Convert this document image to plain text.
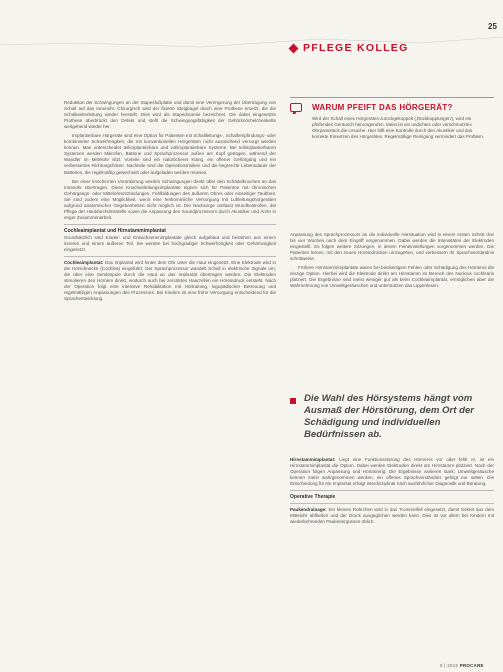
25
PFLEGE KOLLEG

Reduktion der Schwingungen an der Stapesfußplatte und damit eine Verringerung der Übertragung von Schall auf das Innenohr. Chirurgisch wird der fixierte Steigbügel durch eine Prothese ersetzt, die die Schallweiterleitung wieder herstellt. Dies wird als Stapedotomie bezeichnet. Die dabei eingesetzte Prothese überbrückt den Defekt und stellt die Schwingungsfähigkeit der Gehörknöchelchenkette weitgehend wieder her.

Implantierbare Hörgeräte sind eine Option für Patienten mit Schallleitungs-, Schallempfindungs- oder kombinierter Schwerhörigkeit, die mit konventionellen Hörgeräten nicht ausreichend versorgt werden können. Man unterscheidet teilimplantierbare und vollimplantierbare Systeme. Bei teilimplantierbaren Systemen werden Mikrofon, Batterie und Sprachprozessor außen am Kopf getragen, während der Wandler im Mittelohr sitzt. Vorteile sind ein natürlicherer Klang, ein offener Gehörgang und ein verbessertes Richtungshören. Nachteile sind die Operationsrisiken und die begrenzte Lebensdauer der Batterien, die regelmäßig gewechselt oder aufgeladen werden müssen.

Bei einer knöchernen Verankerung werden Schwingungen direkt über den Schädelknochen an das Innenohr übertragen. Diese Knochenleitungsimplantate eignen sich für Patienten mit chronischen Gehörgangs- oder Mittelohrentzündungen, Fehlbildungen des äußeren Ohres oder einseitiger Taubheit. Sie sind zudem eine Möglichkeit, wenn eine herkömmliche Versorgung mit Luftleitungshörgeräten aufgrund anatomischer Gegebenheiten nicht möglich ist. Die Nachsorge umfasst Wundkontrollen, die Pflege der Hautdurchtrittsstelle sowie die Anpassung des Soundprozessors durch Akustiker und Ärzte in enger Zusammenarbeit.

Cochleaimplantat und Hirnstammimplantat

Grundsätzlich sind Kinder- und Erwachsenenimplantate gleich aufgebaut und bestehen aus einem inneren und einem äußeren Teil. Sie werden bei hochgradiger Schwerhörigkeit oder Gehörlosigkeit eingesetzt.

Cochleaimplantat: Das Implantat wird hinter dem Ohr unter die Haut eingesetzt. Eine Elektrode wird in die Hörschnecke (Cochlea) eingeführt. Der Sprachprozessor wandelt Schall in elektrische Signale um, die über eine Sendespule durch die Haut an das Implantat übertragen werden. Die Elektroden stimulieren den Hörnerv direkt, wodurch auch bei zerstörten Haarzellen ein Höreindruck entsteht. Nach der Operation folgt eine intensive Rehabilitation mit Hörtraining, logopädischer Betreuung und regelmäßigen Anpassungen des Prozessors. Bei Kindern ist eine frühe Versorgung entscheidend für die Sprachentwicklung.

WARUM PFEIFT DAS HÖRGERÄT?

Wird der Schall eines Hörgerätes zurückgekoppelt (‚Rückkopplungen'), wird ein pfeifendes Geräusch hervorgerufen. Meist ist ein undichtes oder verschmutztes Ohrpassstück die Ursache. Hier hilft eine Kontrolle durch den Akustiker und das korrekte Einsetzen des Hörgerätes. Regelmäßige Reinigung vermindert das Problem.

Anpassung des Sprachprozessors an die individuelle Hörsituation wird in einem ersten Schritt drei bis vier Wochen nach dem Eingriff vorgenommen. Dabei werden die Intensitäten der Elektroden eingestellt. Es folgen weitere Sitzungen, in denen Feineinstellungen vorgenommen werden. Die Patienten lernen, mit den neuen Höreindrücken umzugehen, und verbessern ihr Sprachverständnis schrittweise.

Frühere Hirnstammimplantate waren bei beidseitigem Fehlen oder Schädigung des Hörnervs die einzige Option. Hierbei wird die Elektrode direkt am Hirnstamm im Bereich des Nucleus cochlearis platziert. Die Ergebnisse sind meist weniger gut als beim Cochleaimplantat, ermöglichen aber die Wahrnehmung von Umweltgeräuschen und unterstützen das Lippenlesen.

Die Wahl des Hörsystems hängt vom Ausmaß der Hörstörung, dem Ort der Schädigung und individuellen Bedürfnissen ab.

Hirnstammimplantat: Liegt eine Funktionsstörung des Hörnervs vor oder fehlt er, ist ein Hirnstammimplantat die Option. Dabei werden Elektroden direkt am Hirnstamm platziert. Nach der Operation folgen Anpassung und Hörtraining. Die Ergebnisse variieren stark; Umweltgeräusche können meist wahrgenommen werden, ein offenes Sprachverständnis gelingt nur selten. Die Entscheidung für ein Implantat erfolgt interdisziplinär nach ausführlicher Diagnostik und Beratung.

Operative Therapie

Paukendrainage: Ein kleines Röhrchen wird in das Trommelfell eingesetzt, damit Sekret aus dem Mittelohr abfließen und der Druck ausgeglichen werden kann. Dies ist vor allem bei Kindern mit wiederkehrenden Paukenergüssen üblich.

5 | 2015 PROCARE
